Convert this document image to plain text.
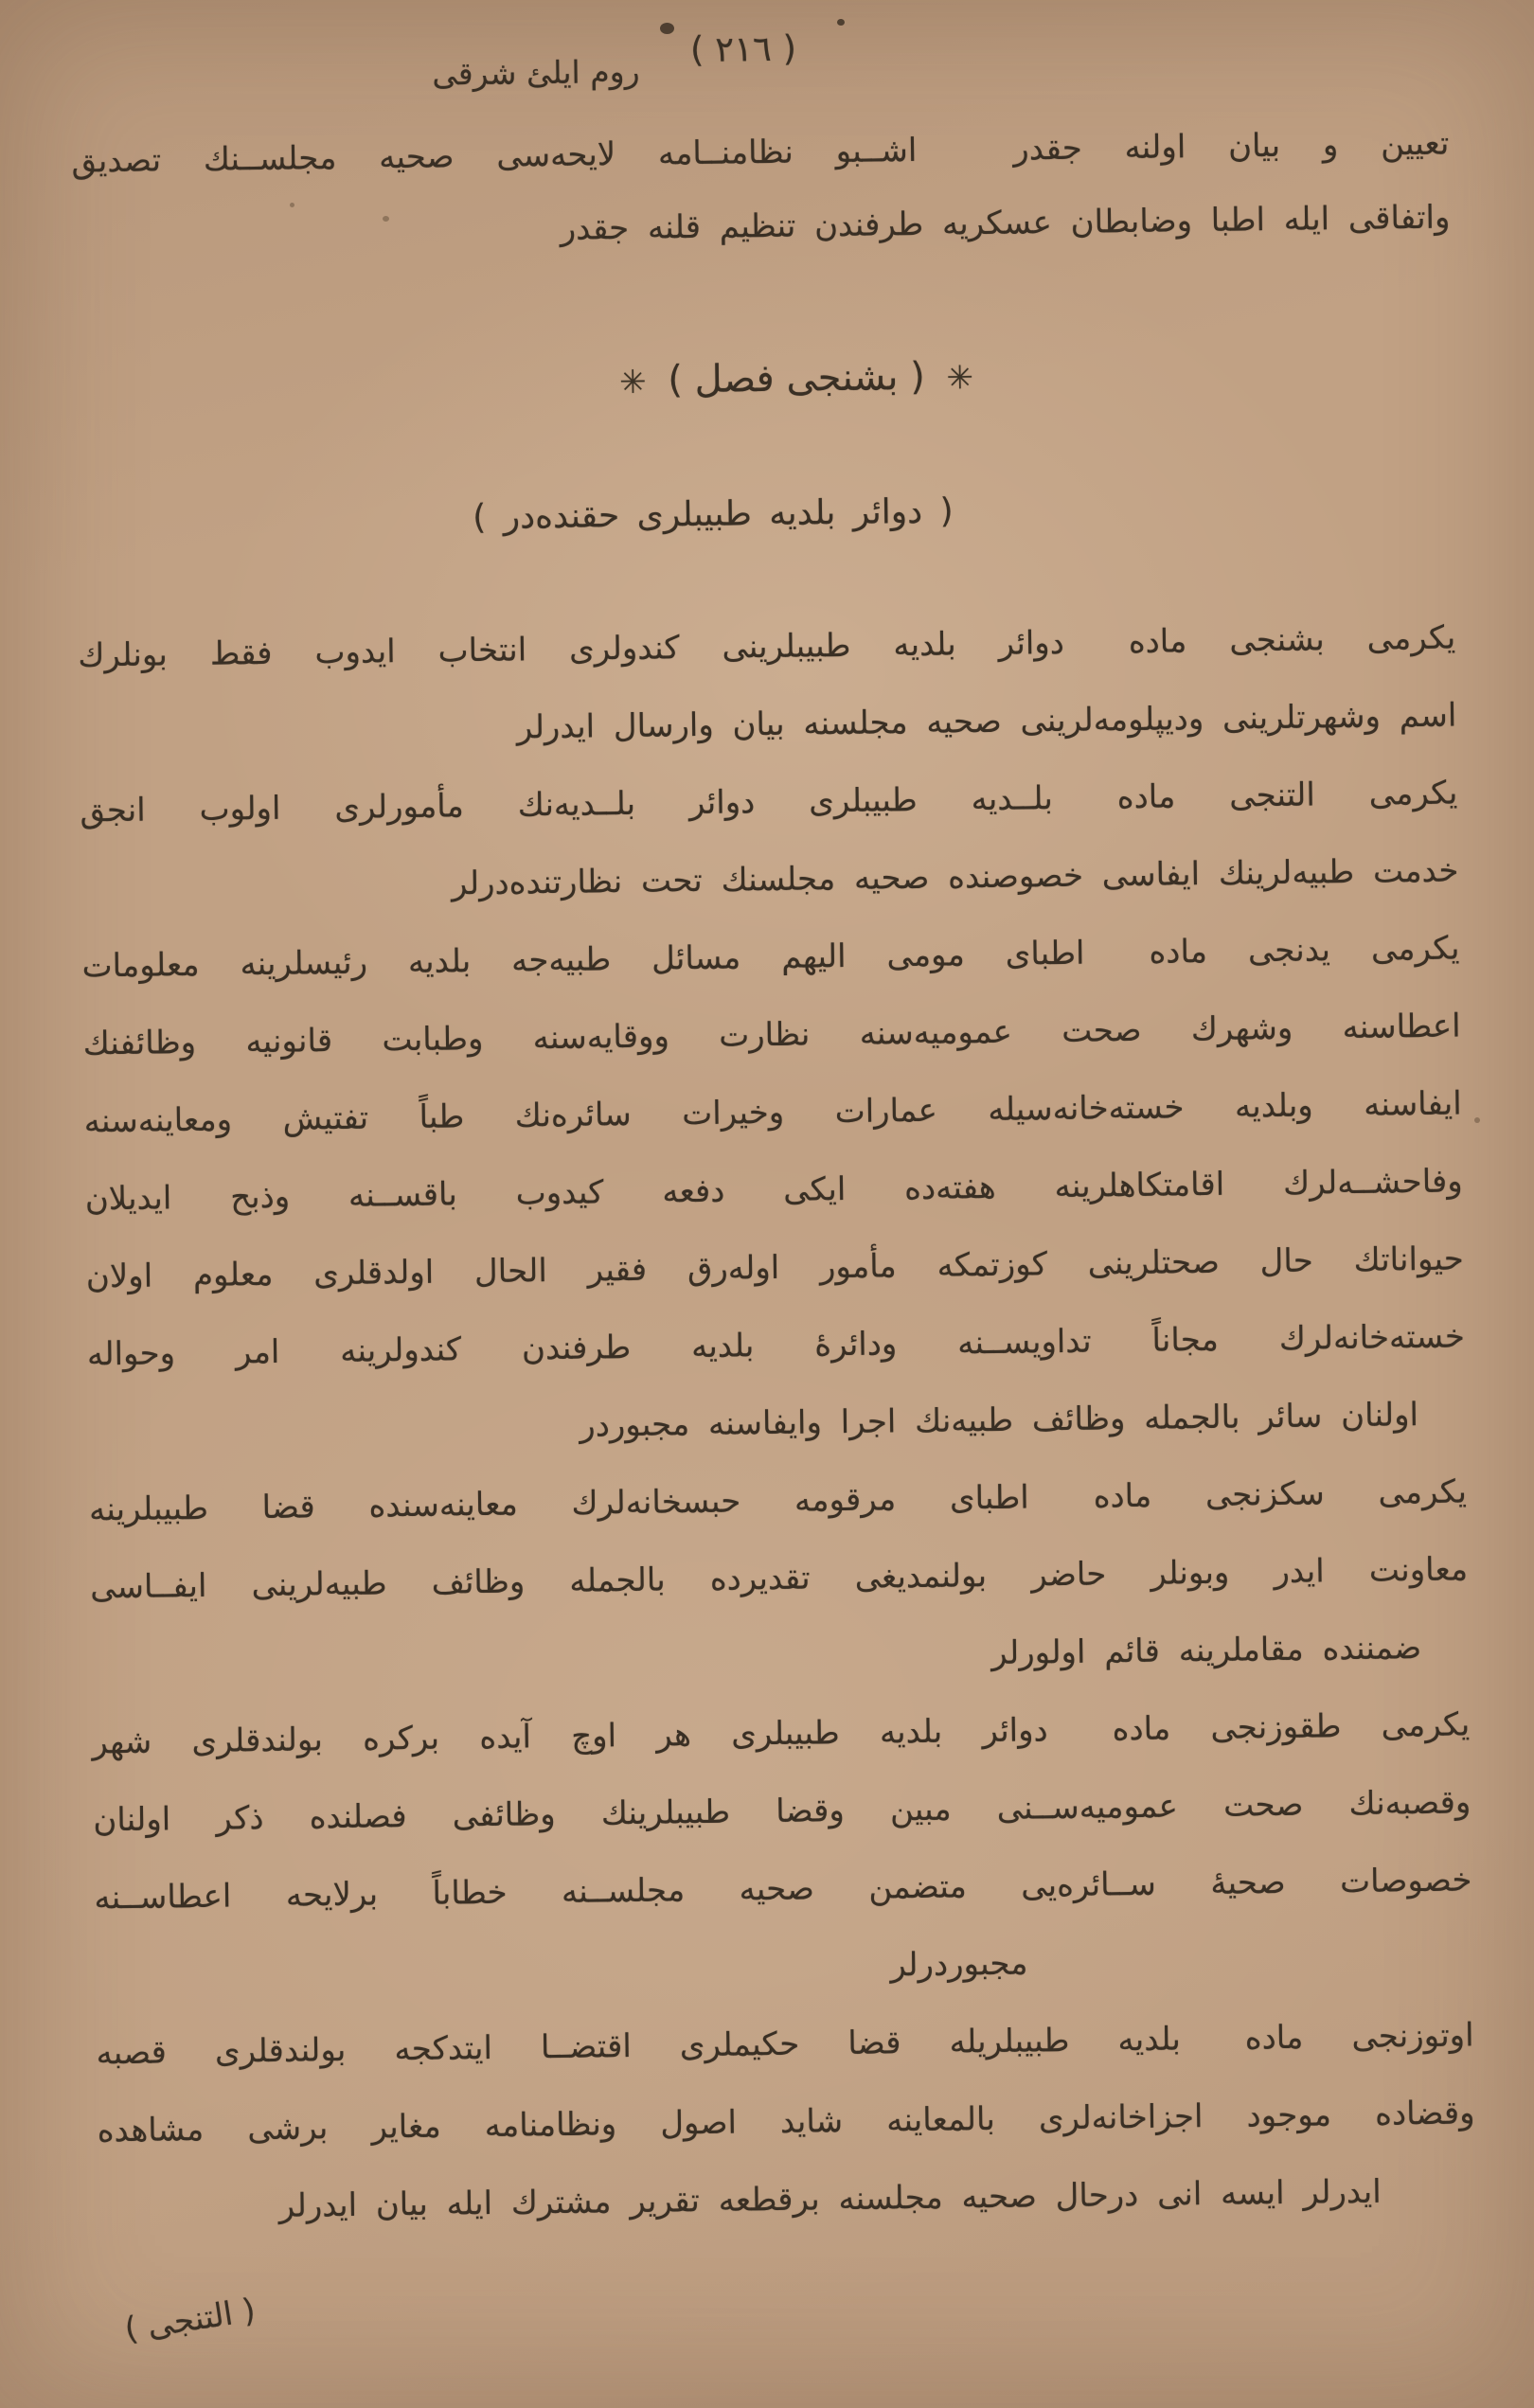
( ٢١٦ )
روم ايلئ شرقى
تعيين و بيان اولنه جقدر   اشــبو نظامنــامه لايحه‌سى صحيه مجلســنك تصديق
واتفاقى ايله اطبا وضابطان عسكريه طرفندن تنظيم قلنه جقدر
✳ ( بشنجى فصل ) ✳
( دوائر بلديه طبيبلرى حقنده‌در )
يكرمى بشنجى ماده  دوائر بلديه طبيبلرينى كندولرى انتخاب ايدوب فقط بونلرك
اسم وشهرتلرينى وديپلومه‌لرينى صحيه مجلسنه بيان وارسال ايدرلر
يكرمى التنجى ماده  بلــديه طبيبلرى دوائر بلــديه‌نك مأمورلرى اولوب انجق
خدمت طبيه‌لرينك ايفاسى خصوصنده صحيه مجلسنك تحت نظارتنده‌درلر
يكرمى يدنجى ماده  اطباى مومى اليهم مسائل طبيه‌جه بلديه رئيسلرينه معلومات
اعطاسنه وشهرك صحت عموميه‌سنه نظارت ووقايه‌سنه وطبابت قانونيه وظائفنك
ايفاسنه وبلديه خسته‌خانه‌سيله عمارات وخيرات سائره‌نك طباً تفتيش ومعاينه‌سنه
وفاحشــه‌لرك اقامتكاهلرينه هفته‌ده ايكى دفعه كيدوب باقســنه وذبح ايديلان
حيواناتك حال صحتلرينى كوزتمكه مأمور اوله‌رق فقير الحال اولدقلرى معلوم اولان
خسته‌خانه‌لرك مجاناً تداويســنه ودائرهٔ بلديه طرفندن كندولرينه امر وحواله
اولنان سائر بالجمله وظائف طبيه‌نك اجرا وايفاسنه مجبوردر
يكرمى سكزنجى ماده  اطباى مرقومه حبسخانه‌لرك معاينه‌سنده قضا طبيبلرينه
معاونت ايدر وبونلر حاضر بولنمديغى تقديرده بالجمله وظائف طبيه‌لرينى ايفــاسى
ضمننده مقاملرينه قائم اولورلر
يكرمى طقوزنجى ماده  دوائر بلديه طبيبلرى هر اوچ آيده بركره بولندقلرى شهر
وقصبه‌نك صحت عموميه‌ســنى مبين وقضا طبيبلرينك وظائفى فصلنده ذكر اولنان
خصوصات صحيهٔ ســائره‌يى متضمن صحيه مجلســنه خطاباً برلايحه اعطاســنه
مجبوردرلر
اوتوزنجى ماده  بلديه طبيبلريله قضا حكيملرى اقتضــا ايتدكجه بولندقلرى قصبه
وقضاده موجود اجزاخانه‌لرى بالمعاينه شايد اصول ونظامنامه مغاير برشى مشاهده
ايدرلر ايسه انى درحال صحيه مجلسنه برقطعه تقرير مشترك ايله بيان ايدرلر
( التنجى )
